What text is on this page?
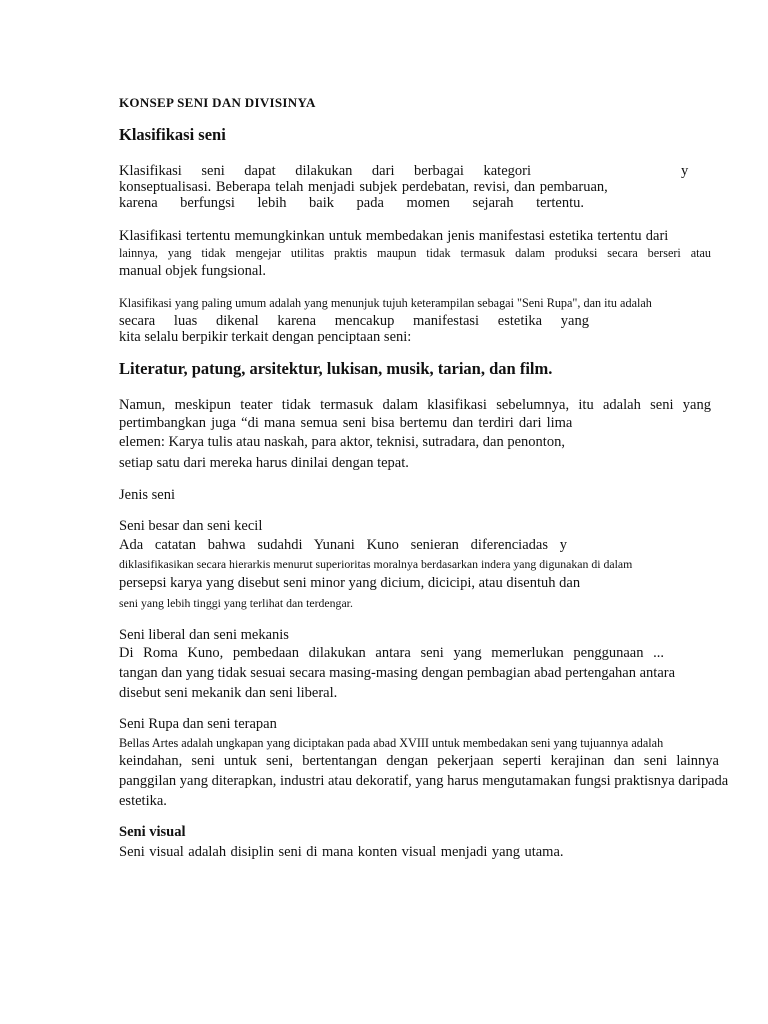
KONSEP SENI DAN DIVISINYA
Klasifikasi seni
Klasifikasi seni dapat dilakukan dari berbagai kategori	y
konseptualisasi. Beberapa telah menjadi subjek perdebatan, revisi, dan pembaruan,
karena berfungsi lebih baik pada momen sejarah tertentu.
Klasifikasi tertentu memungkinkan untuk membedakan jenis manifestasi estetika tertentu dari
lainnya, yang tidak mengejar utilitas praktis maupun tidak termasuk dalam produksi secara berseri atau
manual objek fungsional.
Klasifikasi yang paling umum adalah yang menunjuk tujuh keterampilan sebagai "Seni Rupa", dan itu adalah
secara luas dikenal karena mencakup manifestasi estetika yang
kita selalu berpikir terkait dengan penciptaan seni:
Literatur, patung, arsitektur, lukisan, musik, tarian, dan film.
Namun, meskipun teater tidak termasuk dalam klasifikasi sebelumnya, itu adalah seni yang
pertimbangkan juga “di mana semua seni bisa bertemu dan terdiri dari lima
elemen: Karya tulis atau naskah, para aktor, teknisi, sutradara, dan penonton,
setiap satu dari mereka harus dinilai dengan tepat.
Jenis seni
Seni besar dan seni kecil
Ada catatan bahwa sudahdi Yunani Kuno senieran diferenciadas y
diklasifikasikan secara hierarkis menurut superioritas moralnya berdasarkan indera yang digunakan di dalam
persepsi karya yang disebut seni minor yang dicium, dicicipi, atau disentuh dan
seni yang lebih tinggi yang terlihat dan terdengar.
Seni liberal dan seni mekanis
Di Roma Kuno, pembedaan dilakukan antara seni yang memerlukan penggunaan ...
tangan dan yang tidak sesuai secara masing-masing dengan pembagian abad pertengahan antara
disebut seni mekanik dan seni liberal.
Seni Rupa dan seni terapan
Bellas Artes adalah ungkapan yang diciptakan pada abad XVIII untuk membedakan seni yang tujuannya adalah
keindahan, seni untuk seni, bertentangan dengan pekerjaan seperti kerajinan dan seni lainnya
panggilan yang diterapkan, industri atau dekoratif, yang harus mengutamakan fungsi praktisnya daripada
estetika.
Seni visual
Seni visual adalah disiplin seni di mana konten visual menjadi yang utama.
